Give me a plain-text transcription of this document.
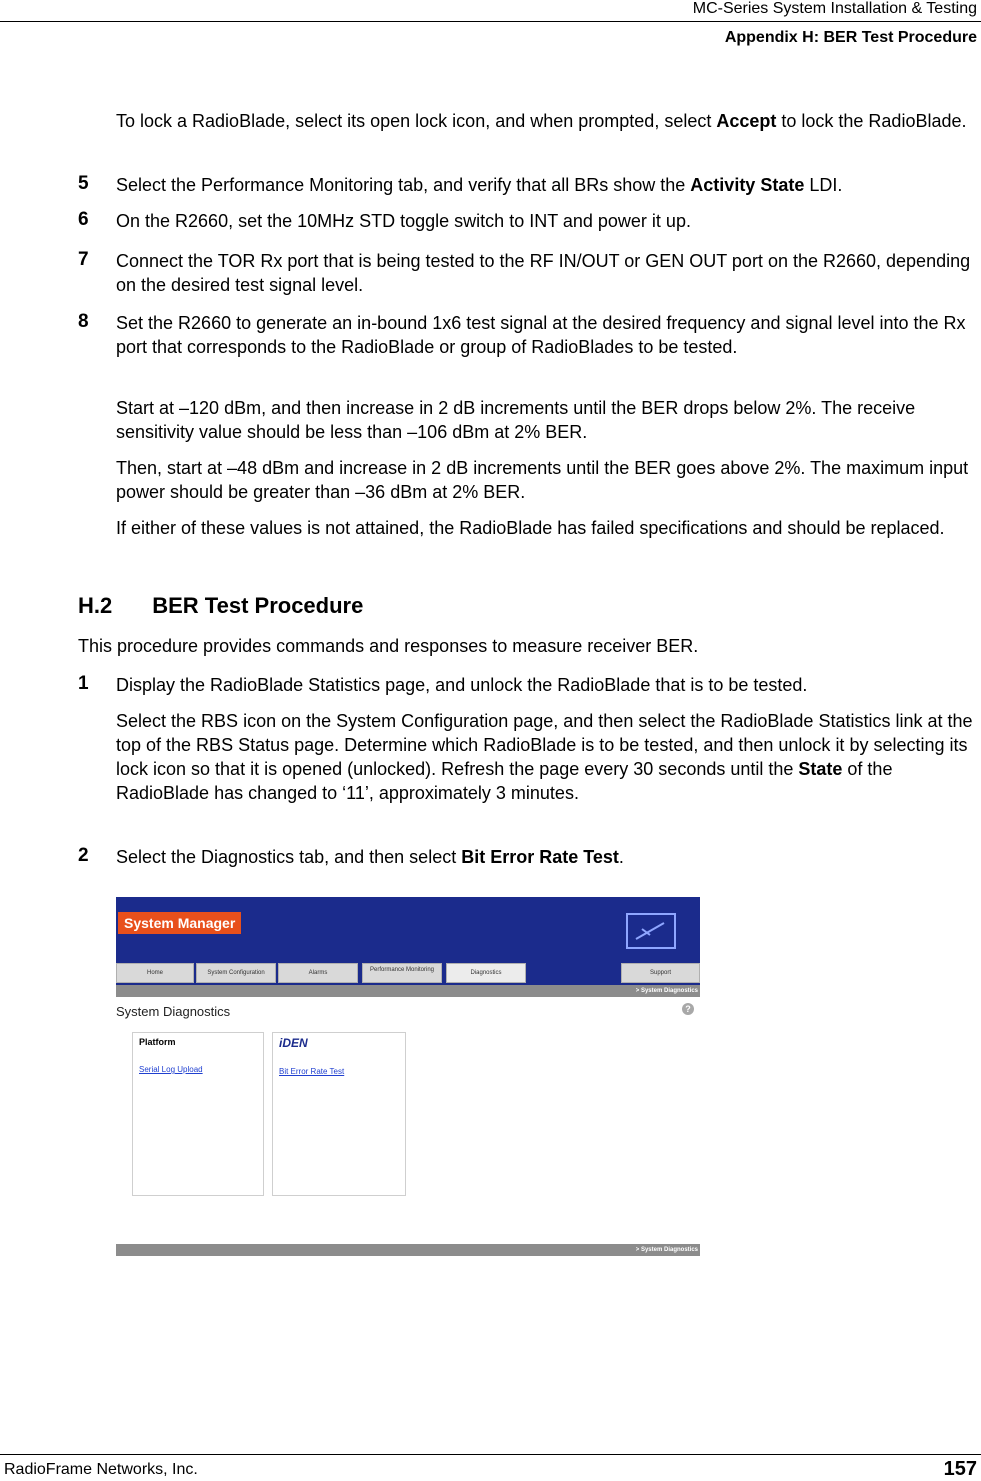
MC-Series System Installation & Testing
Appendix H: BER Test Procedure
To lock a RadioBlade, select its open lock icon, and when prompted, select Accept to lock the RadioBlade.
5 Select the Performance Monitoring tab, and verify that all BRs show the Activity State LDI.
6 On the R2660, set the 10MHz STD toggle switch to INT and power it up.
7 Connect the TOR Rx port that is being tested to the RF IN/OUT or GEN OUT port on the R2660, depending on the desired test signal level.
8 Set the R2660 to generate an in-bound 1x6 test signal at the desired frequency and signal level into the Rx port that corresponds to the RadioBlade or group of RadioBlades to be tested.
Start at –120 dBm, and then increase in 2 dB increments until the BER drops below 2%. The receive sensitivity value should be less than –106 dBm at 2% BER.
Then, start at –48 dBm and increase in 2 dB increments until the BER goes above 2%. The maximum input power should be greater than –36 dBm at 2% BER.
If either of these values is not attained, the RadioBlade has failed specifications and should be replaced.
H.2 BER Test Procedure
This procedure provides commands and responses to measure receiver BER.
1 Display the RadioBlade Statistics page, and unlock the RadioBlade that is to be tested.
Select the RBS icon on the System Configuration page, and then select the RadioBlade Statistics link at the top of the RBS Status page. Determine which RadioBlade is to be tested, and then unlock it by selecting its lock icon so that it is opened (unlocked). Refresh the page every 30 seconds until the State of the RadioBlade has changed to ‘11’, approximately 3 minutes.
2 Select the Diagnostics tab, and then select Bit Error Rate Test.
System Manager
Home	System Configuration	Alarms	Performance Monitoring	Diagnostics	Support
> System Diagnostics
System Diagnostics	?
Platform
Serial Log Upload
iDEN
Bit Error Rate Test
> System Diagnostics
RadioFrame Networks, Inc.	157
